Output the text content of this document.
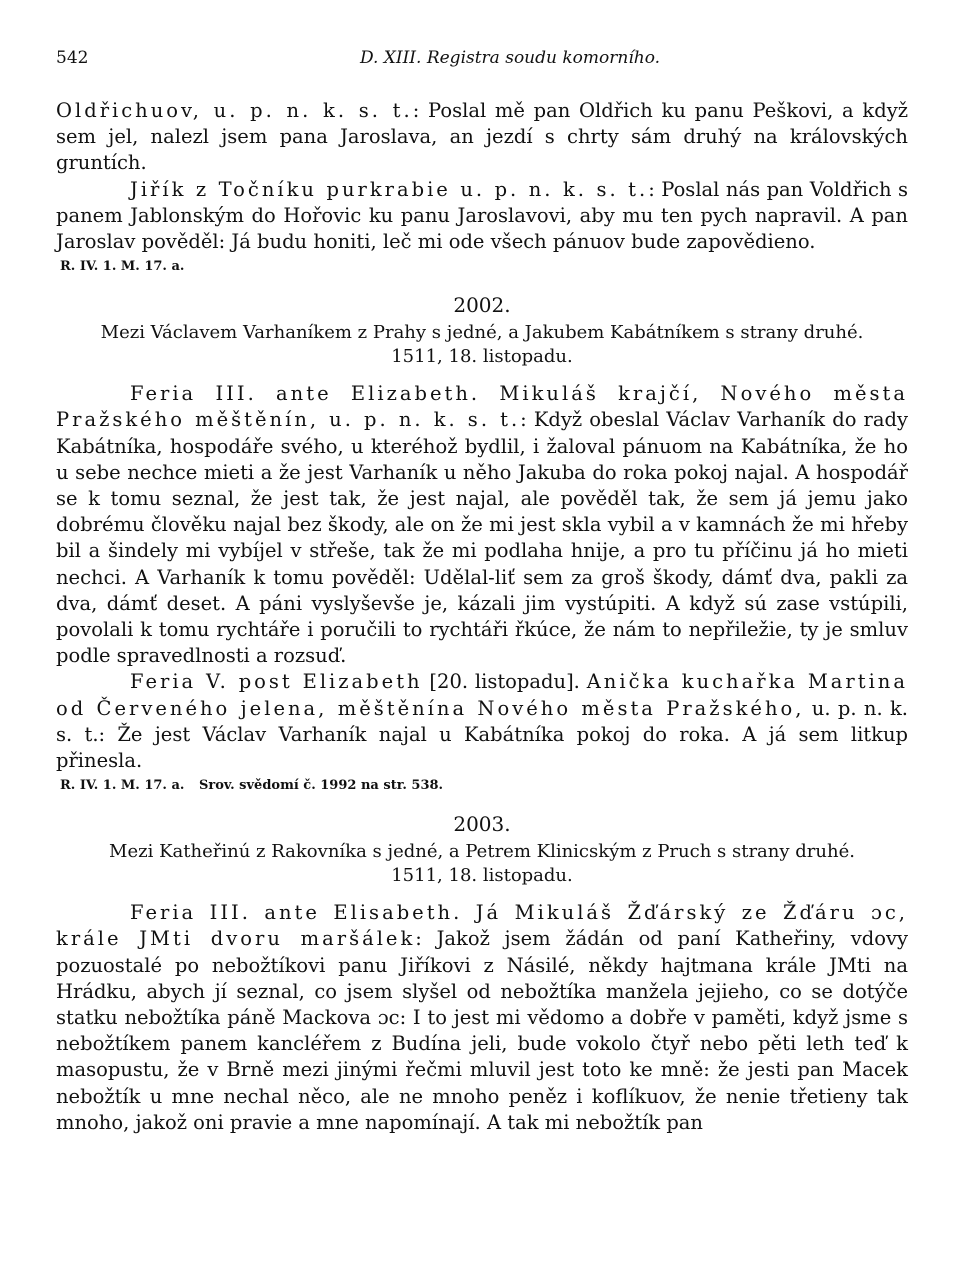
542	D. XIII. Registra soudu komorního.

Oldřichuov, u. p. n. k. s. t.: Poslal mě pan Oldřich ku panu Peškovi, a když sem jel, nalezl jsem pana Jaroslava, an jezdí s chrty sám druhý na královských gruntích.

Jiřík z Točníku purkrabie u. p. n. k. s. t.: Poslal nás pan Voldřich s panem Jablonským do Hořovic ku panu Jaroslavovi, aby mu ten pych napravil. A pan Jaroslav pověděl: Já budu honiti, leč mi ode všech pánuov bude zapovědieno.

R. IV. 1. M. 17. a.
2002.
Mezi Václavem Varhaníkem z Prahy s jedné, a Jakubem Kabátníkem s strany druhé.
1511, 18. listopadu.

Feria III. ante Elizabeth. Mikuláš krajčí, Nového města Pražského měštěnín, u. p. n. k. s. t.: Když obeslal Václav Varhaník do rady Kabátníka, hospodáře svého, u kteréhož bydlil, i žaloval pánuom na Kabátníka, že ho u sebe nechce mieti a že jest Varhaník u něho Jakuba do roka pokoj najal. A hospodář se k tomu seznal, že jest tak, že jest najal, ale pověděl tak, že sem já jemu jako dobrému člověku najal bez škody, ale on že mi jest skla vybil a v kamnách že mi hřeby bil a šindely mi vybíjel v střeše, tak že mi podlaha hnije, a pro tu příčinu já ho mieti nechci. A Varhaník k tomu pověděl: Udělal-liť sem za groš škody, dámť dva, pakli za dva, dámť deset. A páni vyslyševše je, kázali jim vystúpiti. A když sú zase vstúpili, povolali k tomu rychtáře i poručili to rychtáři řkúce, že nám to nepřiležie, ty je smluv podle spravedlnosti a rozsuď.

Feria V. post Elizabeth [20. listopadu]. Anička kuchařka Martina od Červeného jelena, měštěnína Nového města Pražského, u. p. n. k. s. t.: Že jest Václav Varhaník najal u Kabátníka pokoj do roka. A já sem litkup přinesla.

R. IV. 1. M. 17. a. Srov. svědomí č. 1992 na str. 538.
2003.
Mezi Katheřinú z Rakovníka s jedné, a Petrem Klinicským z Pruch s strany druhé.
1511, 18. listopadu.

Feria III. ante Elisabeth. Já Mikuláš Žďárský ze Žďáru ɔc, krále JMti dvoru maršálek: Jakož jsem žádán od paní Katheřiny, vdovy pozuostalé po nebožtíkovi panu Jiříkovi z Násilé, někdy hajtmana krále JMti na Hrádku, abych jí seznal, co jsem slyšel od nebožtíka manžela jejieho, co se dotýče statku nebožtíka páně Mackova ɔc: I to jest mi vědomo a dobře v paměti, když jsme s nebožtíkem panem kancléřem z Budína jeli, bude vokolo čtyř nebo pěti leth teď k masopustu, že v Brně mezi jinými řečmi mluvil jest toto ke mně: že jesti pan Macek nebožtík u mne nechal něco, ale ne mnoho peněz i koflíkuov, že nenie třetieny tak mnoho, jakož oni pravie a mne napomínají. A tak mi nebožtík pan
